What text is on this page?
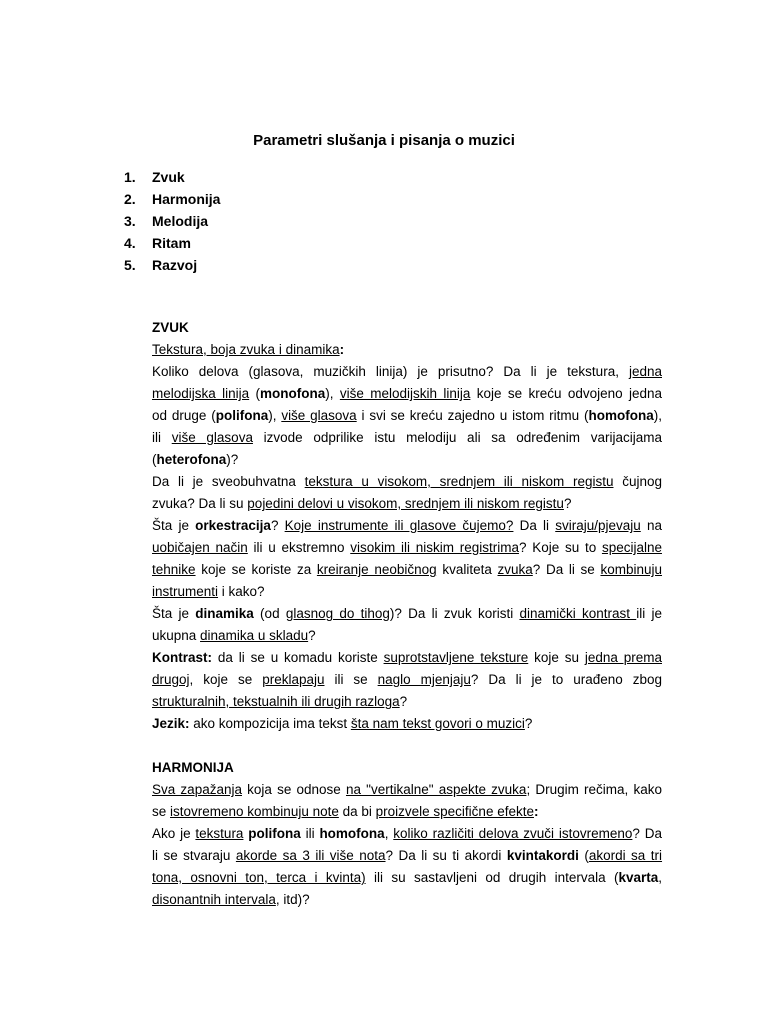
Parametri slušanja i pisanja o muzici
1. Zvuk
2. Harmonija
3. Melodija
4. Ritam
5. Razvoj
ZVUK
Tekstura, boja zvuka i dinamika:
Koliko delova (glasova, muzičkih linija) je prisutno? Da li je tekstura, jedna
melodijska linija (monofona), više melodijskih linija koje se kreću odvojeno jedna
od druge (polifona), više glasova i svi se kreću zajedno u istom ritmu (homofona),
ili više glasova izvode odprilike istu melodiju ali sa određenim varijacijama
(heterofona)?
Da li je sveobuhvatna tekstura u visokom, srednjem ili niskom registu čujnog
zvuka? Da li su pojedini delovi u visokom, srednjem ili niskom registu?
Šta je orkestracija? Koje instrumente ili glasove čujemo? Da li sviraju/pjevaju na
uobičajen način ili u ekstremno visokim ili niskim registrima? Koje su to specijalne
tehnike koje se koriste za kreiranje neobičnog kvaliteta zvuka? Da li se kombinuju
instrumenti i kako?
Šta je dinamika (od glasnog do tihog)? Da li zvuk koristi dinamički kontrast ili je
ukupna dinamika u skladu?
Kontrast: da li se u komadu koriste suprotstavljene teksture koje su jedna prema
drugoj, koje se preklapaju ili se naglo mjenjaju? Da li je to urađeno zbog
strukturalnih, tekstualnih ili drugih razloga?
Jezik: ako kompozicija ima tekst šta nam tekst govori o muzici?
HARMONIJA
Sva zapažanja koja se odnose na "vertikalne" aspekte zvuka; Drugim rečima, kako
se istovremeno kombinuju note da bi proizvele specifične efekte:
Ako je tekstura polifona ili homofona, koliko različiti delova zvuči istovremeno? Da
li se stvaraju akorde sa 3 ili više nota? Da li su ti akordi kvintakordi (akordi sa tri
tona, osnovni ton, terca i kvinta) ili su sastavljeni od drugih intervala (kvarta,
disonantnih intervala, itd)?
